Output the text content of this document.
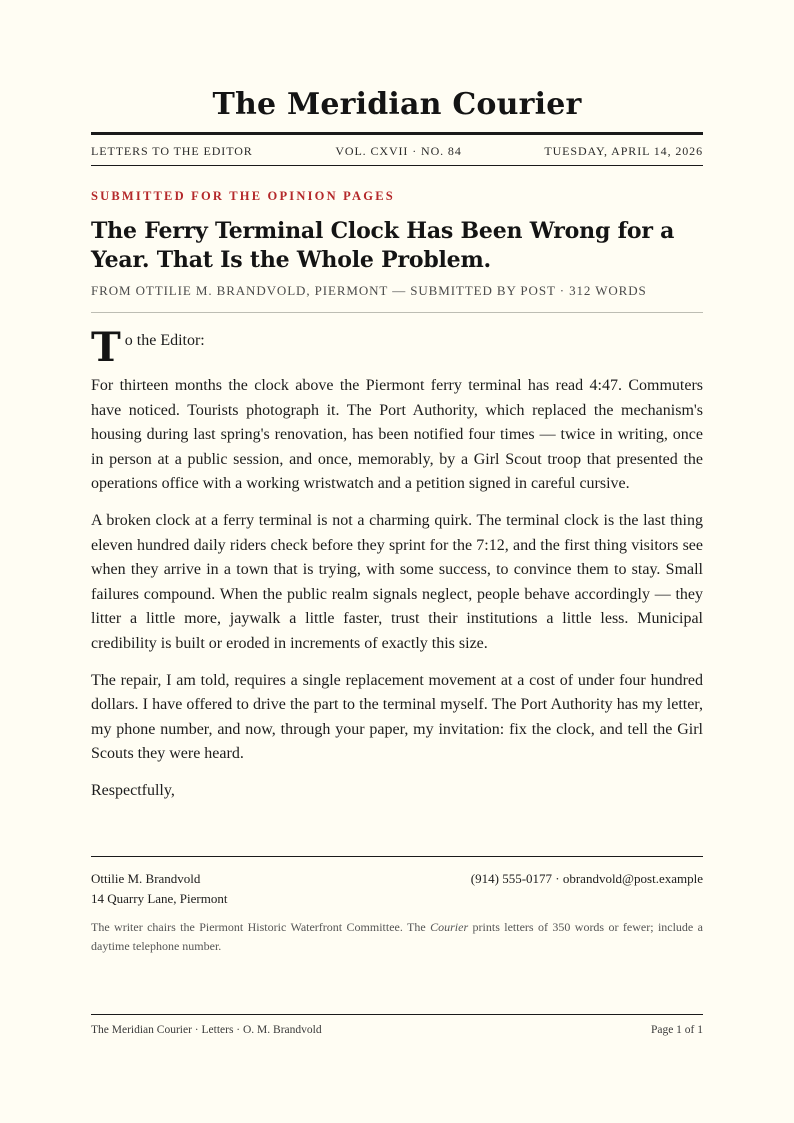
The Meridian Courier
LETTERS TO THE EDITOR	VOL. CXVII · NO. 84	TUESDAY, APRIL 14, 2026
SUBMITTED FOR THE OPINION PAGES
The Ferry Terminal Clock Has Been Wrong for a Year. That Is the Whole Problem.
FROM OTTILIE M. BRANDVOLD, PIERMONT — SUBMITTED BY POST · 312 WORDS
T o the Editor:

For thirteen months the clock above the Piermont ferry terminal has read 4:47. Commuters have noticed. Tourists photograph it. The Port Authority, which replaced the mechanism's housing during last spring's renovation, has been notified four times — twice in writing, once in person at a public session, and once, memorably, by a Girl Scout troop that presented the operations office with a working wristwatch and a petition signed in careful cursive.

A broken clock at a ferry terminal is not a charming quirk. The terminal clock is the last thing eleven hundred daily riders check before they sprint for the 7:12, and the first thing visitors see when they arrive in a town that is trying, with some success, to convince them to stay. Small failures compound. When the public realm signals neglect, people behave accordingly — they litter a little more, jaywalk a little faster, trust their institutions a little less. Municipal credibility is built or eroded in increments of exactly this size.

The repair, I am told, requires a single replacement movement at a cost of under four hundred dollars. I have offered to drive the part to the terminal myself. The Port Authority has my letter, my phone number, and now, through your paper, my invitation: fix the clock, and tell the Girl Scouts they were heard.

Respectfully,

Ottilie M. Brandvold
14 Quarry Lane, Piermont
(914) 555-0177 · obrandvold@post.example
The writer chairs the Piermont Historic Waterfront Committee. The Courier prints letters of 350 words or fewer; include a daytime telephone number.
The Meridian Courier · Letters · O. M. Brandvold	Page 1 of 1
